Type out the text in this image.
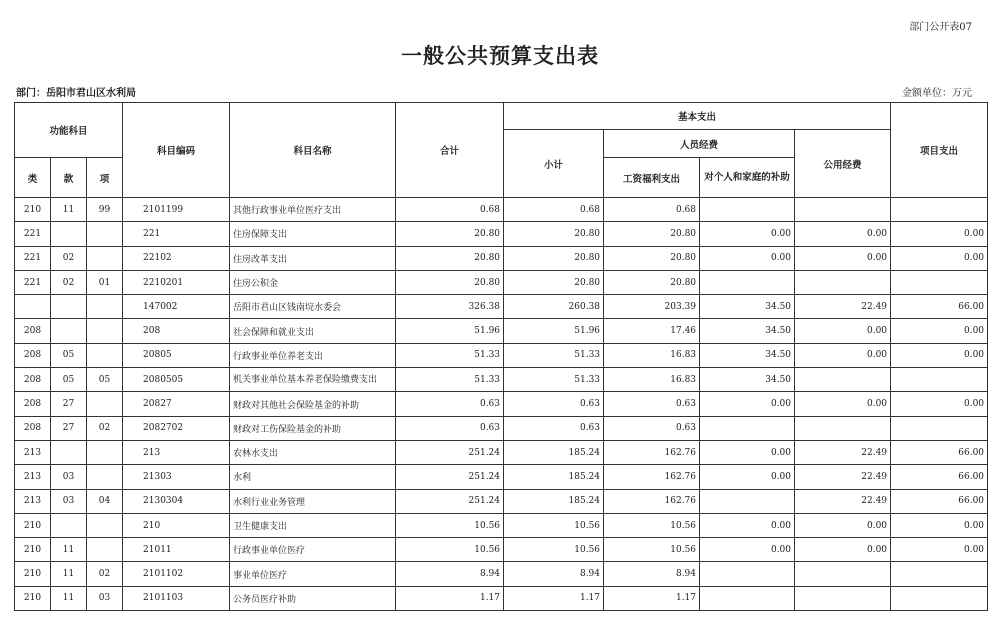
部门公开表07
一般公共预算支出表
部门：岳阳市君山区水利局	金额单位：万元
功能科目			科目编码	科目名称	合计	基本支出				项目支出
						小计	人员经费		公用经费	
类	款	项					工资福利支出	对个人和家庭的补助		
210	11	99	2101199	其他行政事业单位医疗支出	0.68	0.68	0.68			
221			221	住房保障支出	20.80	20.80	20.80	0.00	0.00	0.00
221	02		22102	住房改革支出	20.80	20.80	20.80	0.00	0.00	0.00
221	02	01	2210201	住房公积金	20.80	20.80	20.80			
			147002	岳阳市君山区钱南垸水委会	326.38	260.38	203.39	34.50	22.49	66.00
208			208	社会保障和就业支出	51.96	51.96	17.46	34.50	0.00	0.00
208	05		20805	行政事业单位养老支出	51.33	51.33	16.83	34.50	0.00	0.00
208	05	05	2080505	机关事业单位基本养老保险缴费支出	51.33	51.33	16.83	34.50		
208	27		20827	财政对其他社会保险基金的补助	0.63	0.63	0.63	0.00	0.00	0.00
208	27	02	2082702	财政对工伤保险基金的补助	0.63	0.63	0.63			
213			213	农林水支出	251.24	185.24	162.76	0.00	22.49	66.00
213	03		21303	水利	251.24	185.24	162.76	0.00	22.49	66.00
213	03	04	2130304	水利行业业务管理	251.24	185.24	162.76		22.49	66.00
210			210	卫生健康支出	10.56	10.56	10.56	0.00	0.00	0.00
210	11		21011	行政事业单位医疗	10.56	10.56	10.56	0.00	0.00	0.00
210	11	02	2101102	事业单位医疗	8.94	8.94	8.94			
210	11	03	2101103	公务员医疗补助	1.17	1.17	1.17			
